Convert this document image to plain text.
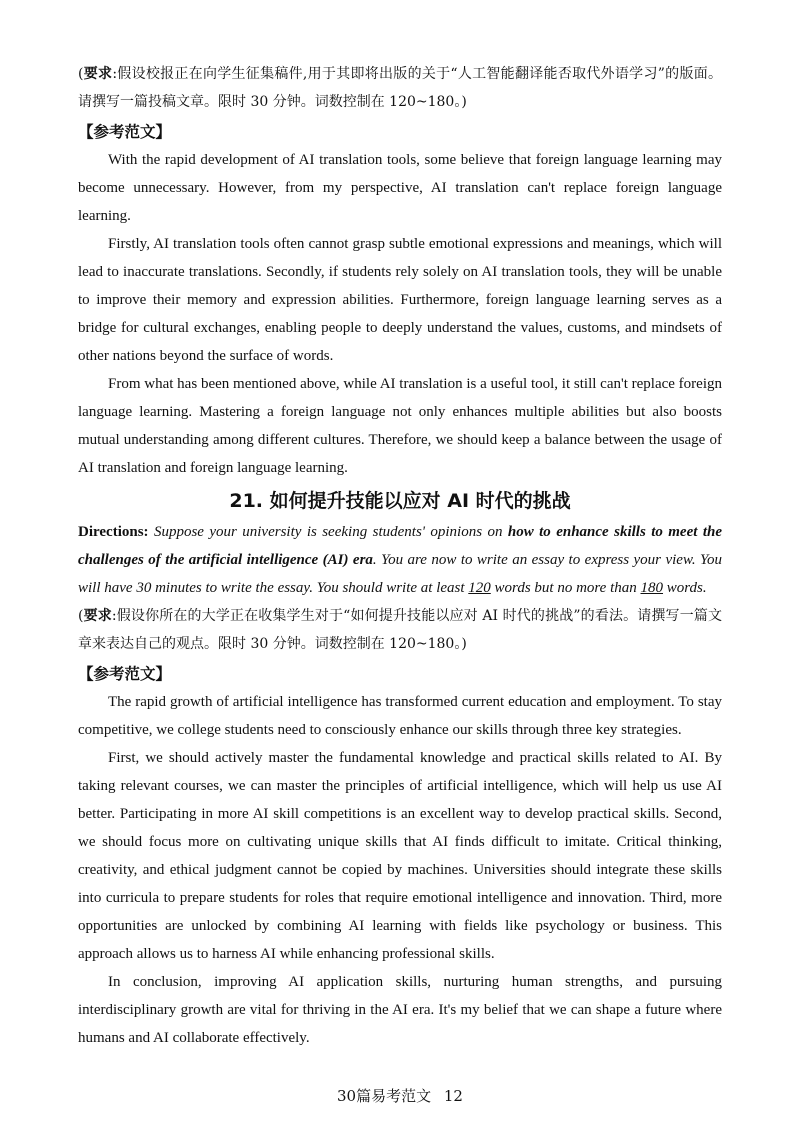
(要求:假设校报正在向学生征集稿件,用于其即将出版的关于“人工智能翻译能否取代外语学习”的版面。请撰写一篇投稿文章。限时 30 分钟。词数控制在 120~180。)

【参考范文】

With the rapid development of AI translation tools, some believe that foreign language learning may become unnecessary. However, from my perspective, AI translation can't replace foreign language learning.

Firstly, AI translation tools often cannot grasp subtle emotional expressions and meanings, which will lead to inaccurate translations. Secondly, if students rely solely on AI translation tools, they will be unable to improve their memory and expression abilities. Furthermore, foreign language learning serves as a bridge for cultural exchanges, enabling people to deeply understand the values, customs, and mindsets of other nations beyond the surface of words.

From what has been mentioned above, while AI translation is a useful tool, it still can't replace foreign language learning. Mastering a foreign language not only enhances multiple abilities but also boosts mutual understanding among different cultures. Therefore, we should keep a balance between the usage of AI translation and foreign language learning.

21. 如何提升技能以应对 AI 时代的挑战

Directions: Suppose your university is seeking students' opinions on how to enhance skills to meet the challenges of the artificial intelligence (AI) era. You are now to write an essay to express your view. You will have 30 minutes to write the essay. You should write at least 120 words but no more than 180 words.

(要求:假设你所在的大学正在收集学生对于“如何提升技能以应对 AI 时代的挑战”的看法。请撰写一篇文章来表达自己的观点。限时 30 分钟。词数控制在 120~180。)

【参考范文】

The rapid growth of artificial intelligence has transformed current education and employment. To stay competitive, we college students need to consciously enhance our skills through three key strategies.

First, we should actively master the fundamental knowledge and practical skills related to AI. By taking relevant courses, we can master the principles of artificial intelligence, which will help us use AI better. Participating in more AI skill competitions is an excellent way to develop practical skills. Second, we should focus more on cultivating unique skills that AI finds difficult to imitate. Critical thinking, creativity, and ethical judgment cannot be copied by machines. Universities should integrate these skills into curricula to prepare students for roles that require emotional intelligence and innovation. Third, more opportunities are unlocked by combining AI learning with fields like psychology or business. This approach allows us to harness AI while enhancing professional skills.

In conclusion, improving AI application skills, nurturing human strengths, and pursuing interdisciplinary growth are vital for thriving in the AI era. It's my belief that we can shape a future where humans and AI collaborate effectively.

30篇易考范文 12
